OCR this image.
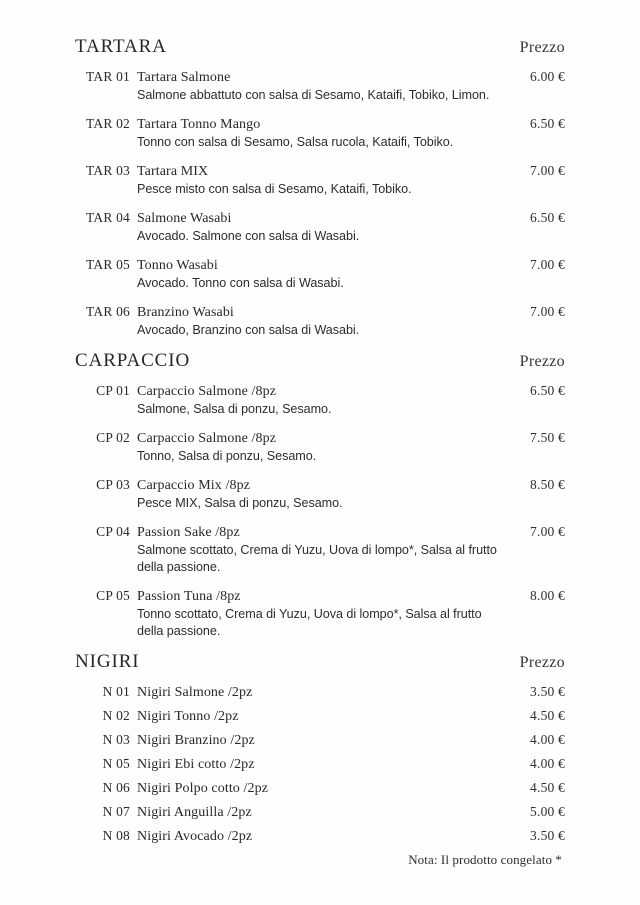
TARTARA	Prezzo
TAR 01 Tartara Salmone	6.00 €
Salmone abbattuto con salsa di Sesamo, Kataifi, Tobiko, Limon.
TAR 02 Tartara Tonno Mango	6.50 €
Tonno con salsa di Sesamo, Salsa rucola, Kataifi, Tobiko.
TAR 03 Tartara MIX	7.00 €
Pesce misto con salsa di Sesamo, Kataifi, Tobiko.
TAR 04 Salmone Wasabi	6.50 €
Avocado. Salmone con salsa di Wasabi.
TAR 05 Tonno Wasabi	7.00 €
Avocado. Tonno con salsa di Wasabi.
TAR 06 Branzino Wasabi	7.00 €
Avocado, Branzino con salsa di Wasabi.
CARPACCIO	Prezzo
CP 01 Carpaccio Salmone /8pz	6.50 €
Salmone, Salsa di ponzu, Sesamo.
CP 02 Carpaccio Salmone /8pz	7.50 €
Tonno, Salsa di ponzu, Sesamo.
CP 03 Carpaccio Mix /8pz	8.50 €
Pesce MIX, Salsa di ponzu, Sesamo.
CP 04 Passion Sake /8pz	7.00 €
Salmone scottato, Crema di Yuzu, Uova di lompo*, Salsa al frutto della passione.
CP 05 Passion Tuna /8pz	8.00 €
Tonno scottato, Crema di Yuzu, Uova di lompo*, Salsa al frutto della passione.
NIGIRI	Prezzo
N 01 Nigiri Salmone /2pz	3.50 €
N 02 Nigiri Tonno /2pz	4.50 €
N 03 Nigiri Branzino /2pz	4.00 €
N 05 Nigiri Ebi cotto /2pz	4.00 €
N 06 Nigiri Polpo cotto /2pz	4.50 €
N 07 Nigiri Anguilla /2pz	5.00 €
N 08 Nigiri Avocado /2pz	3.50 €
Nota: Il prodotto congelato *
